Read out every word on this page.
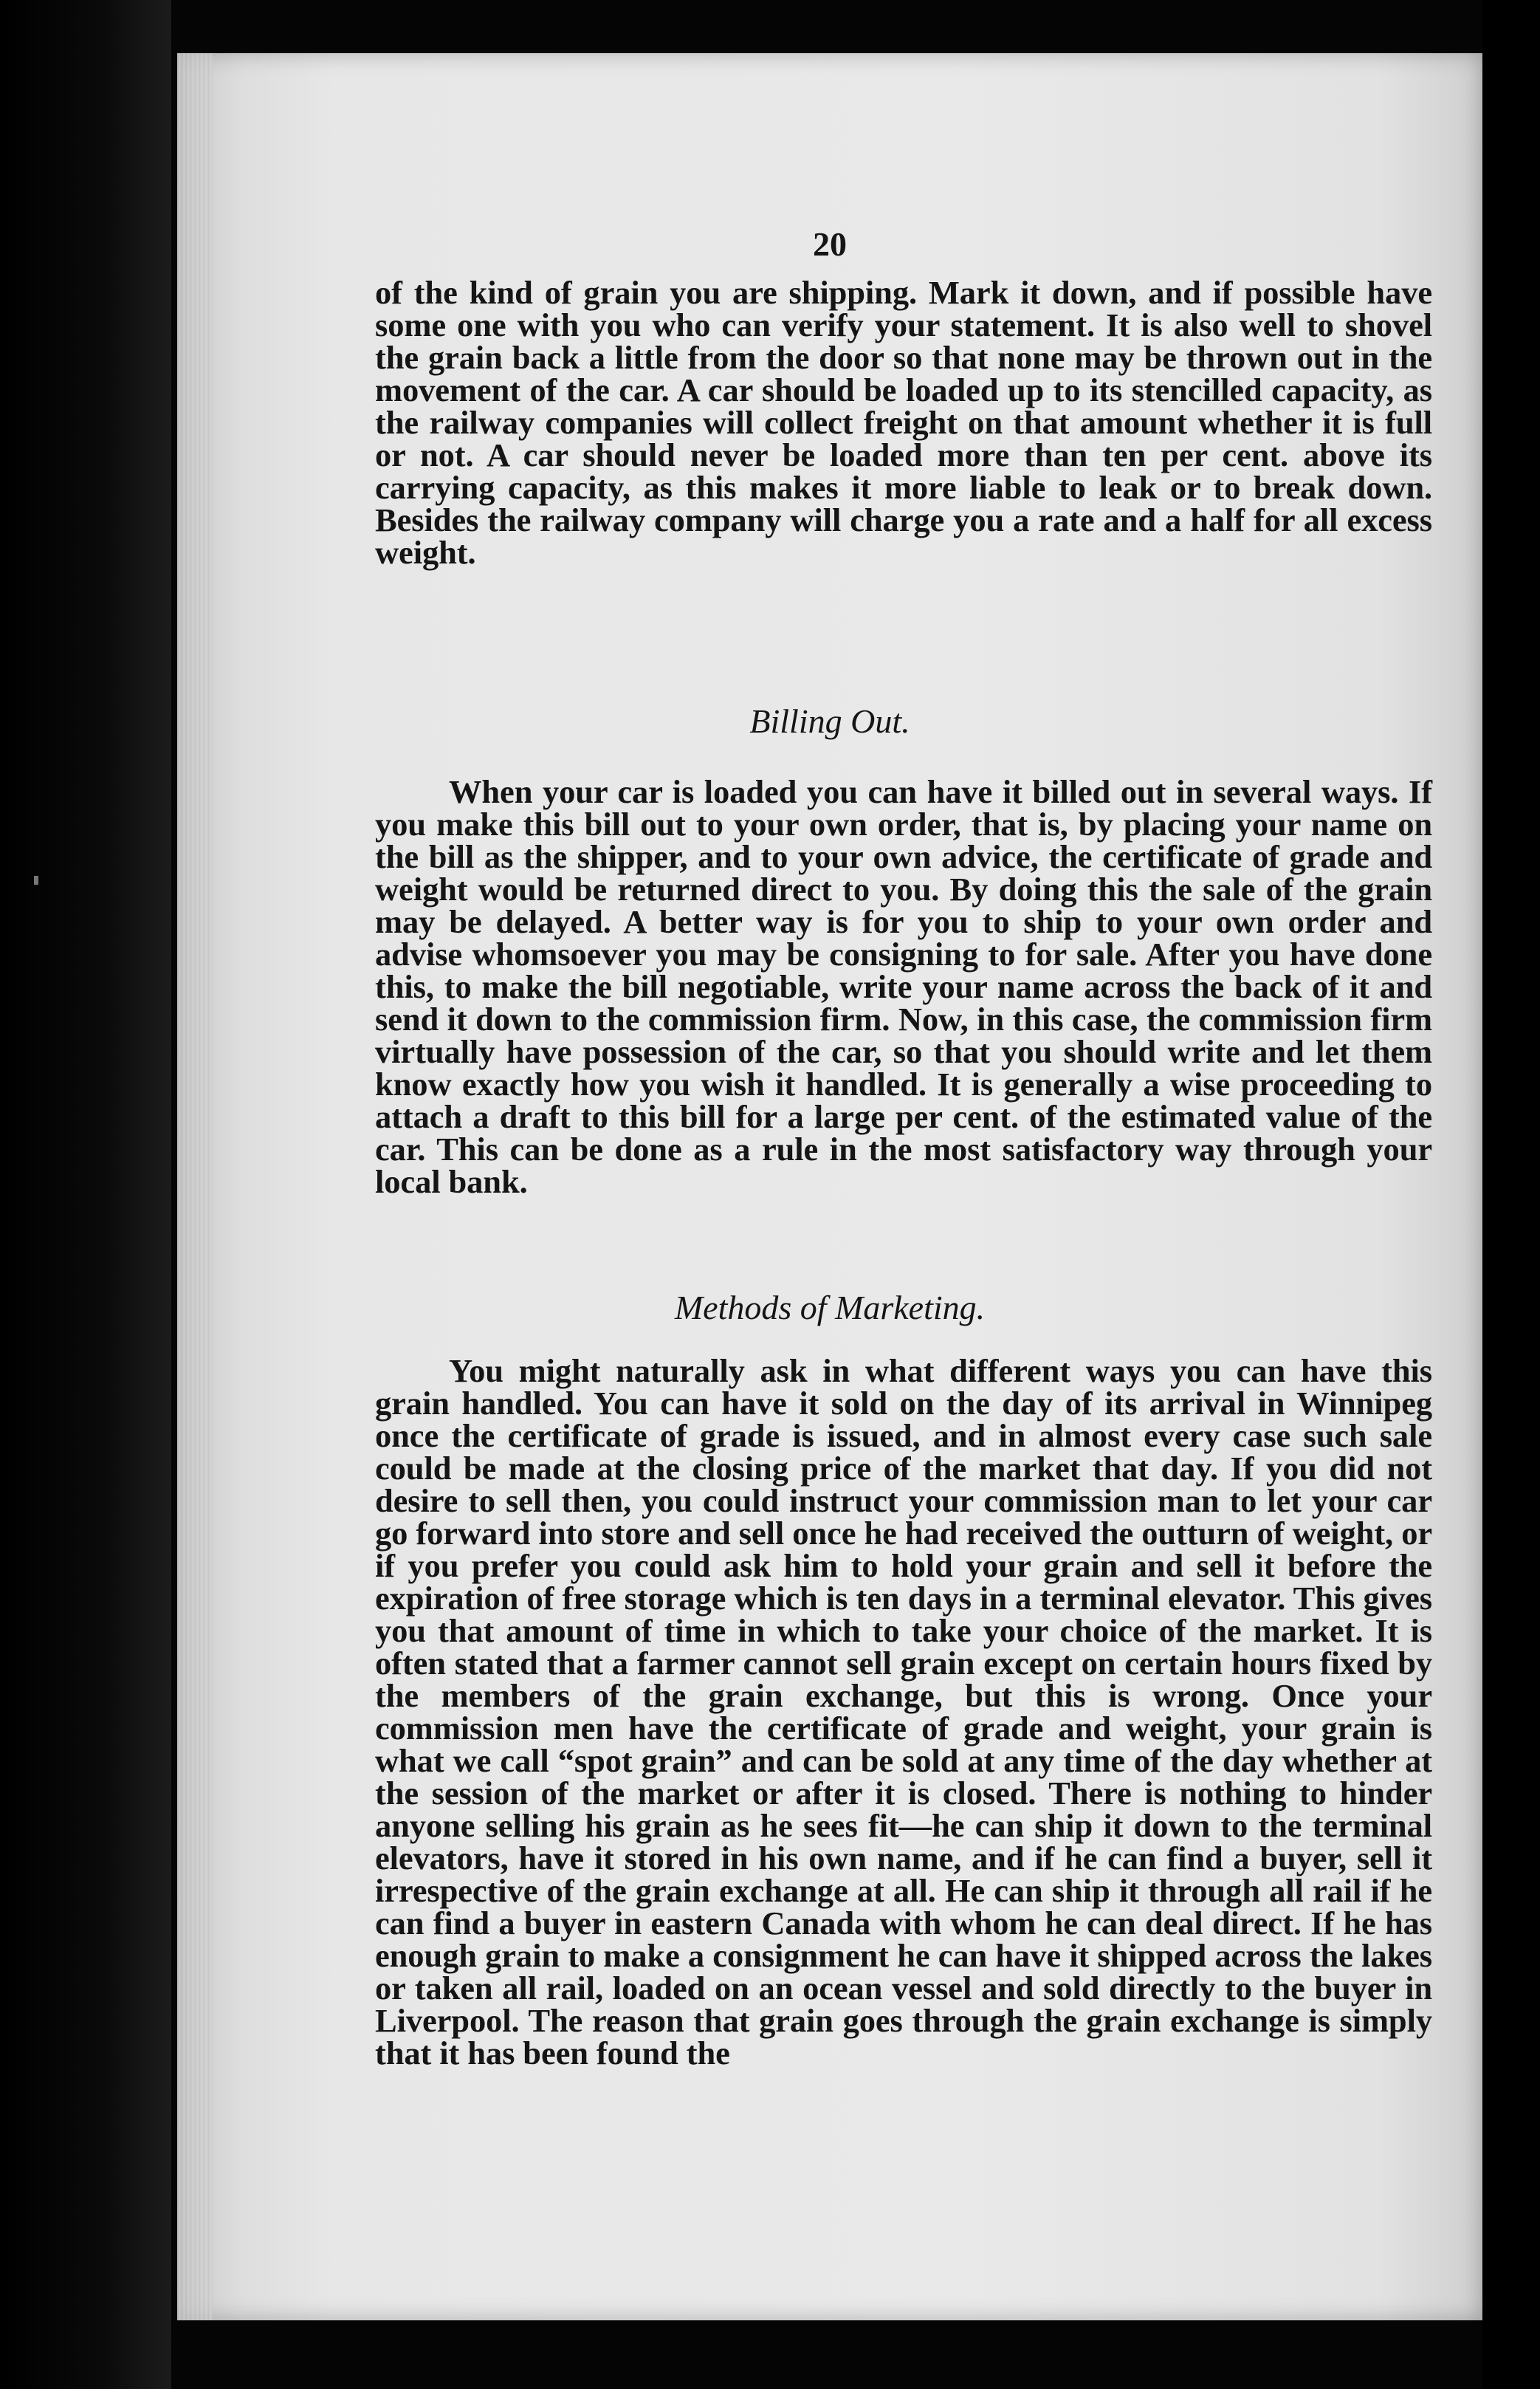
20

of the kind of grain you are shipping. Mark it down, and if possible have some one with you who can verify your statement. It is also well to shovel the grain back a little from the door so that none may be thrown out in the movement of the car. A car should be loaded up to its stencilled capacity, as the railway companies will collect freight on that amount whether it is full or not. A car should never be loaded more than ten per cent. above its carrying capacity, as this makes it more liable to leak or to break down. Besides the railway company will charge you a rate and a half for all excess weight.

Billing Out.

When your car is loaded you can have it billed out in several ways. If you make this bill out to your own order, that is, by placing your name on the bill as the shipper, and to your own advice, the certificate of grade and weight would be returned direct to you. By doing this the sale of the grain may be delayed. A better way is for you to ship to your own order and advise whomsoever you may be consigning to for sale. After you have done this, to make the bill negotiable, write your name across the back of it and send it down to the commission firm. Now, in this case, the commission firm virtually have possession of the car, so that you should write and let them know exactly how you wish it handled. It is generally a wise proceeding to attach a draft to this bill for a large per cent. of the estimated value of the car. This can be done as a rule in the most satisfactory way through your local bank.

Methods of Marketing.

You might naturally ask in what different ways you can have this grain handled. You can have it sold on the day of its arrival in Winnipeg once the certificate of grade is issued, and in almost every case such sale could be made at the closing price of the market that day. If you did not desire to sell then, you could instruct your commission man to let your car go forward into store and sell once he had received the outturn of weight, or if you prefer you could ask him to hold your grain and sell it before the expiration of free storage which is ten days in a terminal elevator. This gives you that amount of time in which to take your choice of the market. It is often stated that a farmer cannot sell grain except on certain hours fixed by the members of the grain exchange, but this is wrong. Once your commission men have the certificate of grade and weight, your grain is what we call “spot grain” and can be sold at any time of the day whether at the session of the market or after it is closed. There is nothing to hinder anyone selling his grain as he sees fit—he can ship it down to the terminal elevators, have it stored in his own name, and if he can find a buyer, sell it irrespective of the grain exchange at all. He can ship it through all rail if he can find a buyer in eastern Canada with whom he can deal direct. If he has enough grain to make a consignment he can have it shipped across the lakes or taken all rail, loaded on an ocean vessel and sold directly to the buyer in Liverpool. The reason that grain goes through the grain exchange is simply that it has been found the
